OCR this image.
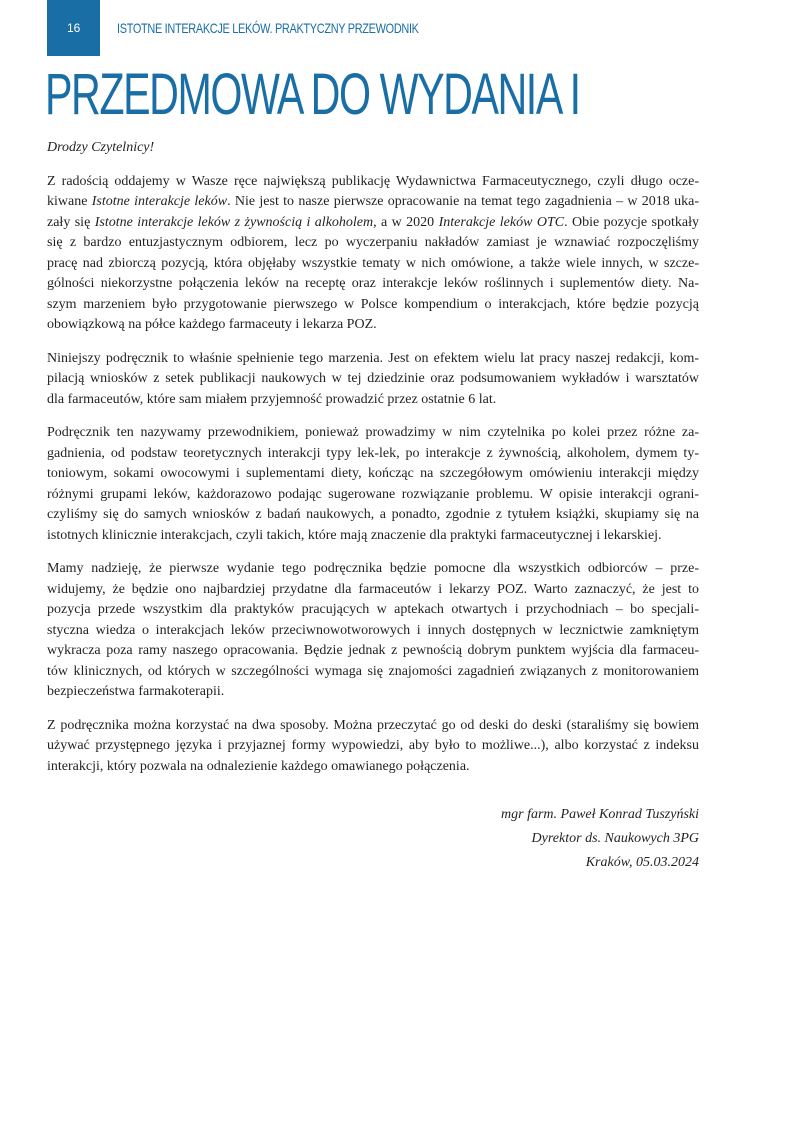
16	ISTOTNE INTERAKCJE LEKÓW. PRAKTYCZNY PRZEWODNIK
PRZEDMOWA DO WYDANIA I

Drodzy Czytelnicy!

Z radością oddajemy w Wasze ręce największą publikację Wydawnictwa Farmaceutycznego, czyli długo ocze-
kiwane Istotne interakcje leków. Nie jest to nasze pierwsze opracowanie na temat tego zagadnienia – w 2018 uka-
zały się Istotne interakcje leków z żywnością i alkoholem, a w 2020 Interakcje leków OTC. Obie pozycje spotkały
się z bardzo entuzjastycznym odbiorem, lecz po wyczerpaniu nakładów zamiast je wznawiać rozpoczęliśmy
pracę nad zbiorczą pozycją, która objęłaby wszystkie tematy w nich omówione, a także wiele innych, w szcze-
gólności niekorzystne połączenia leków na receptę oraz interakcje leków roślinnych i suplementów diety. Na-
szym marzeniem było przygotowanie pierwszego w Polsce kompendium o interakcjach, które będzie pozycją
obowiązkową na półce każdego farmaceuty i lekarza POZ.
Niniejszy podręcznik to właśnie spełnienie tego marzenia. Jest on efektem wielu lat pracy naszej redakcji, kom-
pilacją wniosków z setek publikacji naukowych w tej dziedzinie oraz podsumowaniem wykładów i warsztatów
dla farmaceutów, które sam miałem przyjemność prowadzić przez ostatnie 6 lat.
Podręcznik ten nazywamy przewodnikiem, ponieważ prowadzimy w nim czytelnika po kolei przez różne za-
gadnienia, od podstaw teoretycznych interakcji typy lek-lek, po interakcje z żywnością, alkoholem, dymem ty-
toniowym, sokami owocowymi i suplementami diety, kończąc na szczegółowym omówieniu interakcji między
różnymi grupami leków, każdorazowo podając sugerowane rozwiązanie problemu. W opisie interakcji ograni-
czyliśmy się do samych wniosków z badań naukowych, a ponadto, zgodnie z tytułem książki, skupiamy się na
istotnych klinicznie interakcjach, czyli takich, które mają znaczenie dla praktyki farmaceutycznej i lekarskiej.
Mamy nadzieję, że pierwsze wydanie tego podręcznika będzie pomocne dla wszystkich odbiorców – prze-
widujemy, że będzie ono najbardziej przydatne dla farmaceutów i lekarzy POZ. Warto zaznaczyć, że jest to
pozycja przede wszystkim dla praktyków pracujących w aptekach otwartych i przychodniach – bo specjali-
styczna wiedza o interakcjach leków przeciwnowotworowych i innych dostępnych w lecznictwie zamkniętym
wykracza poza ramy naszego opracowania. Będzie jednak z pewnością dobrym punktem wyjścia dla farmaceu-
tów klinicznych, od których w szczególności wymaga się znajomości zagadnień związanych z monitorowaniem
bezpieczeństwa farmakoterapii.
Z podręcznika można korzystać na dwa sposoby. Można przeczytać go od deski do deski (staraliśmy się bowiem
używać przystępnego języka i przyjaznej formy wypowiedzi, aby było to możliwe...), albo korzystać z indeksu
interakcji, który pozwala na odnalezienie każdego omawianego połączenia.
mgr farm. Paweł Konrad Tuszyński
Dyrektor ds. Naukowych 3PG
Kraków, 05.03.2024
